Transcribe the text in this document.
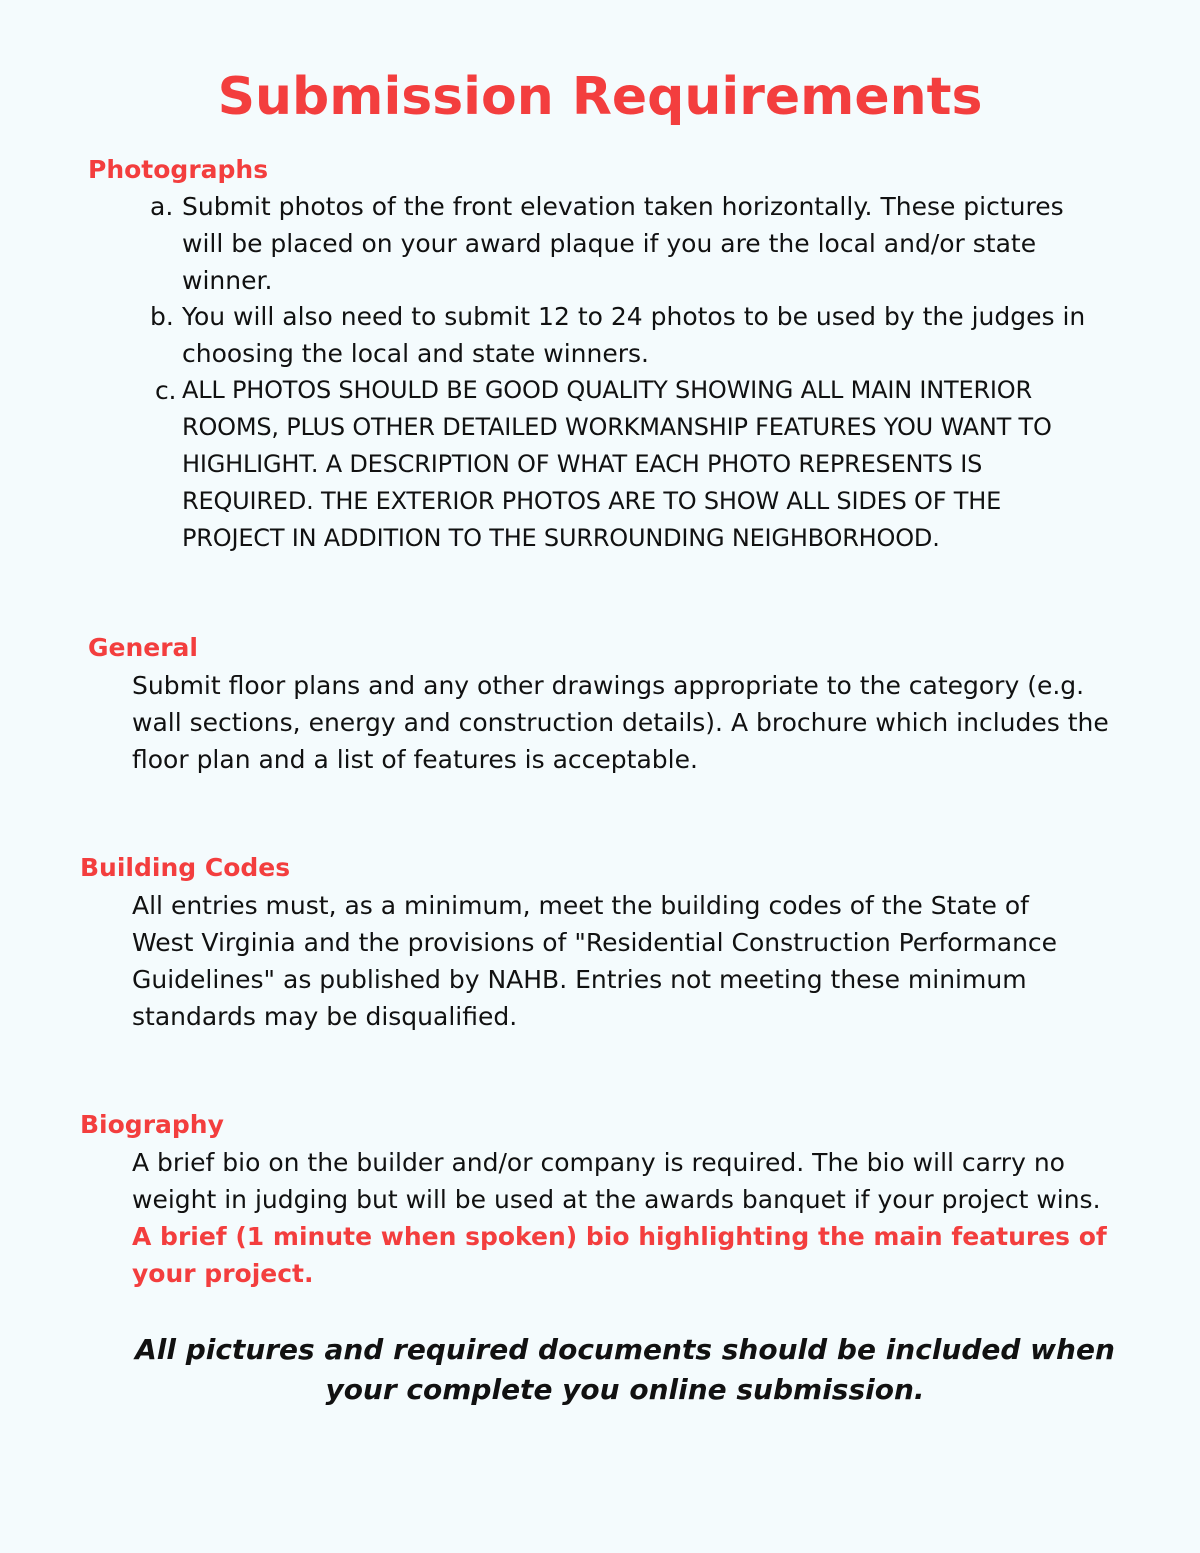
Submission Requirements
Photographs
a. Submit photos of the front elevation taken horizontally. These pictures will be placed on your award plaque if you are the local and/or state winner.
b. You will also need to submit 12 to 24 photos to be used by the judges in choosing the local and state winners.
c. ALL PHOTOS SHOULD BE GOOD QUALITY SHOWING ALL MAIN INTERIOR ROOMS, PLUS OTHER DETAILED WORKMANSHIP FEATURES YOU WANT TO HIGHLIGHT. A DESCRIPTION OF WHAT EACH PHOTO REPRESENTS IS REQUIRED. THE EXTERIOR PHOTOS ARE TO SHOW ALL SIDES OF THE PROJECT IN ADDITION TO THE SURROUNDING NEIGHBORHOOD.
General
Submit floor plans and any other drawings appropriate to the category (e.g. wall sections, energy and construction details). A brochure which includes the floor plan and a list of features is acceptable.
Building Codes
All entries must, as a minimum, meet the building codes of the State of West Virginia and the provisions of "Residential Construction Performance Guidelines" as published by NAHB. Entries not meeting these minimum standards may be disqualified.
Biography
A brief bio on the builder and/or company is required. The bio will carry no weight in judging but will be used at the awards banquet if your project wins.  A brief (1 minute when spoken) bio highlighting the main features of your project.
All pictures and required documents should be included when your complete you online submission.
